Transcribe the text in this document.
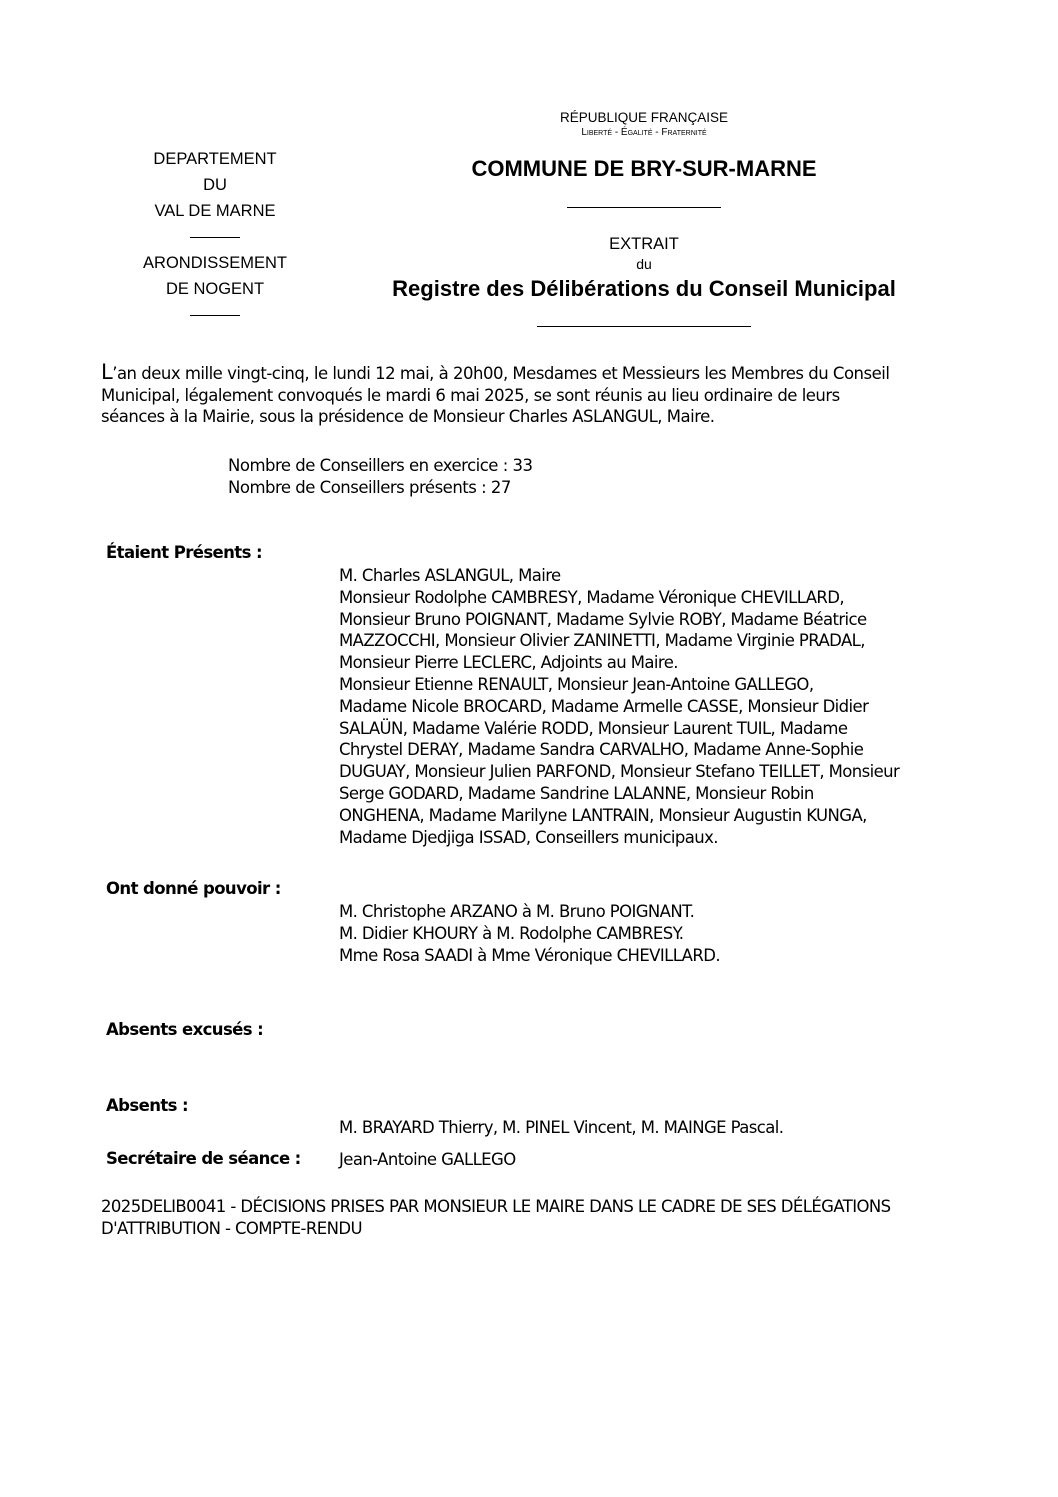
DEPARTEMENT
DU
VAL DE MARNE
ARONDISSEMENT
DE NOGENT
RÉPUBLIQUE FRANÇAISE
Liberté - Égalité - Fraternité
COMMUNE DE BRY-SUR-MARNE
EXTRAIT
du
Registre des Délibérations du Conseil Municipal
L’an deux mille vingt-cinq, le lundi 12 mai, à 20h00, Mesdames et Messieurs les Membres du Conseil
Municipal, légalement convoqués le mardi 6 mai 2025, se sont réunis au lieu ordinaire de leurs
séances à la Mairie, sous la présidence de Monsieur Charles ASLANGUL, Maire.
Nombre de Conseillers en exercice : 33
Nombre de Conseillers présents : 27
Étaient Présents :
M. Charles ASLANGUL, Maire
Monsieur Rodolphe CAMBRESY, Madame Véronique CHEVILLARD,
Monsieur Bruno POIGNANT, Madame Sylvie ROBY, Madame Béatrice
MAZZOCCHI, Monsieur Olivier ZANINETTI, Madame Virginie PRADAL,
Monsieur Pierre LECLERC, Adjoints au Maire.
Monsieur Etienne RENAULT, Monsieur Jean-Antoine GALLEGO,
Madame Nicole BROCARD, Madame Armelle CASSE, Monsieur Didier
SALAÜN, Madame Valérie RODD, Monsieur Laurent TUIL, Madame
Chrystel DERAY, Madame Sandra CARVALHO, Madame Anne-Sophie
DUGUAY, Monsieur Julien PARFOND, Monsieur Stefano TEILLET, Monsieur
Serge GODARD, Madame Sandrine LALANNE, Monsieur Robin
ONGHENA, Madame Marilyne LANTRAIN, Monsieur Augustin KUNGA,
Madame Djedjiga ISSAD, Conseillers municipaux.
Ont donné pouvoir :
M. Christophe ARZANO à M. Bruno POIGNANT.
M. Didier KHOURY à M. Rodolphe CAMBRESY.
Mme Rosa SAADI à Mme Véronique CHEVILLARD.
Absents excusés :
Absents :
M. BRAYARD Thierry, M. PINEL Vincent, M. MAINGE Pascal.
Secrétaire de séance : Jean-Antoine GALLEGO
2025DELIB0041 - DÉCISIONS PRISES PAR MONSIEUR LE MAIRE DANS LE CADRE DE SES DÉLÉGATIONS
D'ATTRIBUTION - COMPTE-RENDU
